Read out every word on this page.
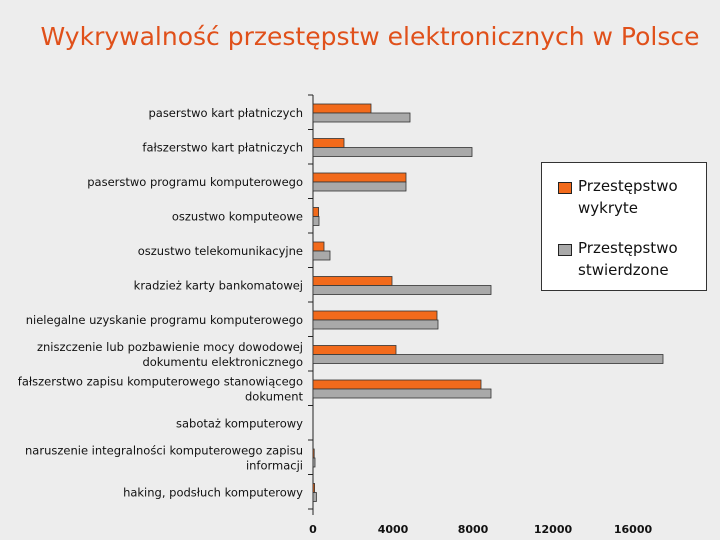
Wykrywalność przestępstw elektronicznych w Polsce
paserstwo kart płatniczych
fałszerstwo kart płatniczych
paserstwo programu komputerowego
oszustwo komputeowe
oszustwo telekomunikacyjne
kradzież karty bankomatowej
nielegalne uzyskanie programu komputerowego
zniszczenie lub pozbawienie mocy dowodowej
dokumentu elektronicznego
fałszerstwo zapisu komputerowego stanowiącego
dokument
sabotaż komputerowy
naruszenie integralności komputerowego zapisu
informacji
haking, podsłuch komputerowy
0	4000	8000	12000	16000
Przestępstwo wykryte
Przestępstwo stwierdzone
